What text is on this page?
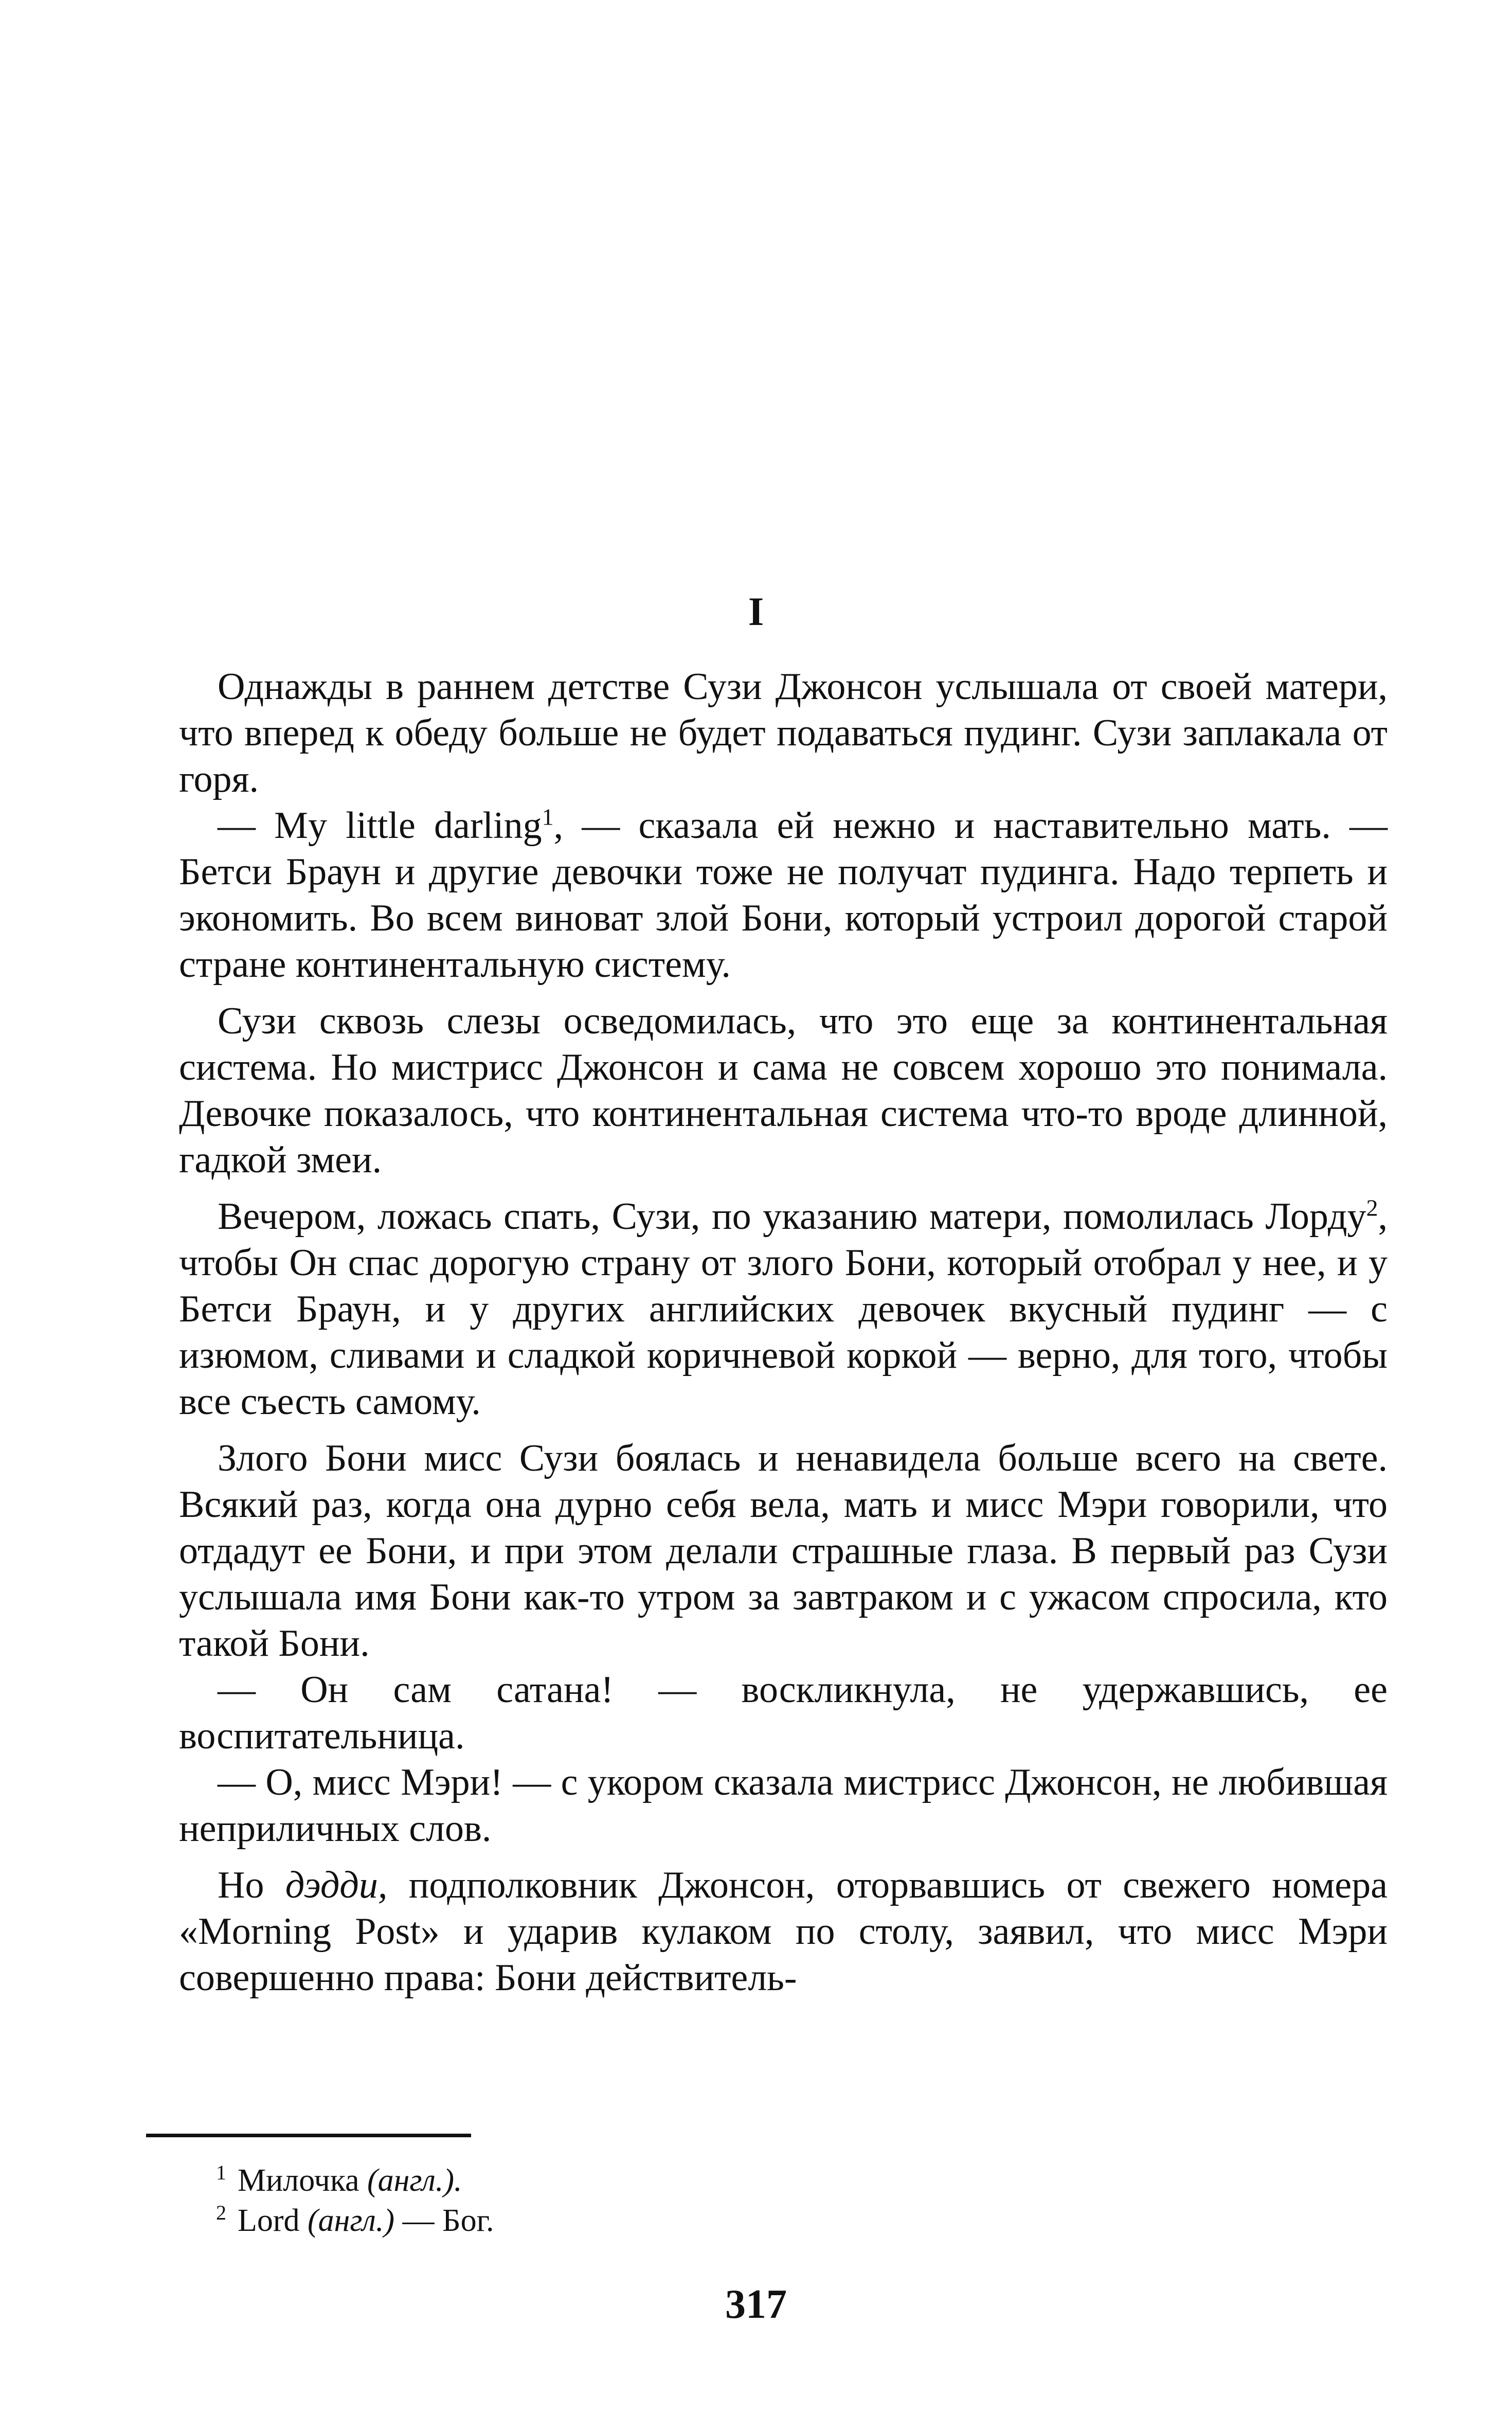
I

Однажды в раннем детстве Сузи Джонсон услышала от своей матери, что вперед к обеду больше не будет подаваться пудинг. Сузи заплакала от горя.

— My little darling$^1$, — сказала ей нежно и наставительно мать. — Бетси Браун и другие девочки тоже не получат пудинга. Надо терпеть и экономить. Во всем виноват злой Бони, который устроил дорогой старой стране континентальную систему.

Сузи сквозь слезы осведомилась, что это еще за континентальная система. Но мистрисс Джонсон и сама не совсем хорошо это понимала. Девочке показалось, что континентальная система что-то вроде длинной, гадкой змеи.

Вечером, ложась спать, Сузи, по указанию матери, помолилась Лорду$^2$, чтобы Он спас дорогую страну от злого Бони, который отобрал у нее, и у Бетси Браун, и у других английских девочек вкусный пудинг — с изюмом, сливами и сладкой коричневой коркой — верно, для того, чтобы все съесть самому.

Злого Бони мисс Сузи боялась и ненавидела больше всего на свете. Всякий раз, когда она дурно себя вела, мать и мисс Мэри говорили, что отдадут ее Бони, и при этом делали страшные глаза. В первый раз Сузи услышала имя Бони как-то утром за завтраком и с ужасом спросила, кто такой Бони.

— Он сам сатана! — воскликнула, не удержавшись, ее воспитательница.

— О, мисс Мэри! — с укором сказала мистрисс Джонсон, не любившая неприличных слов.

Но дэдди, подполковник Джонсон, оторвавшись от свежего номера «Morning Post» и ударив кулаком по столу, заявил, что мисс Мэри совершенно права: Бони действитель-

$^1$ Милочка (англ.).
$^2$ Lord (англ.) — Бог.
317
